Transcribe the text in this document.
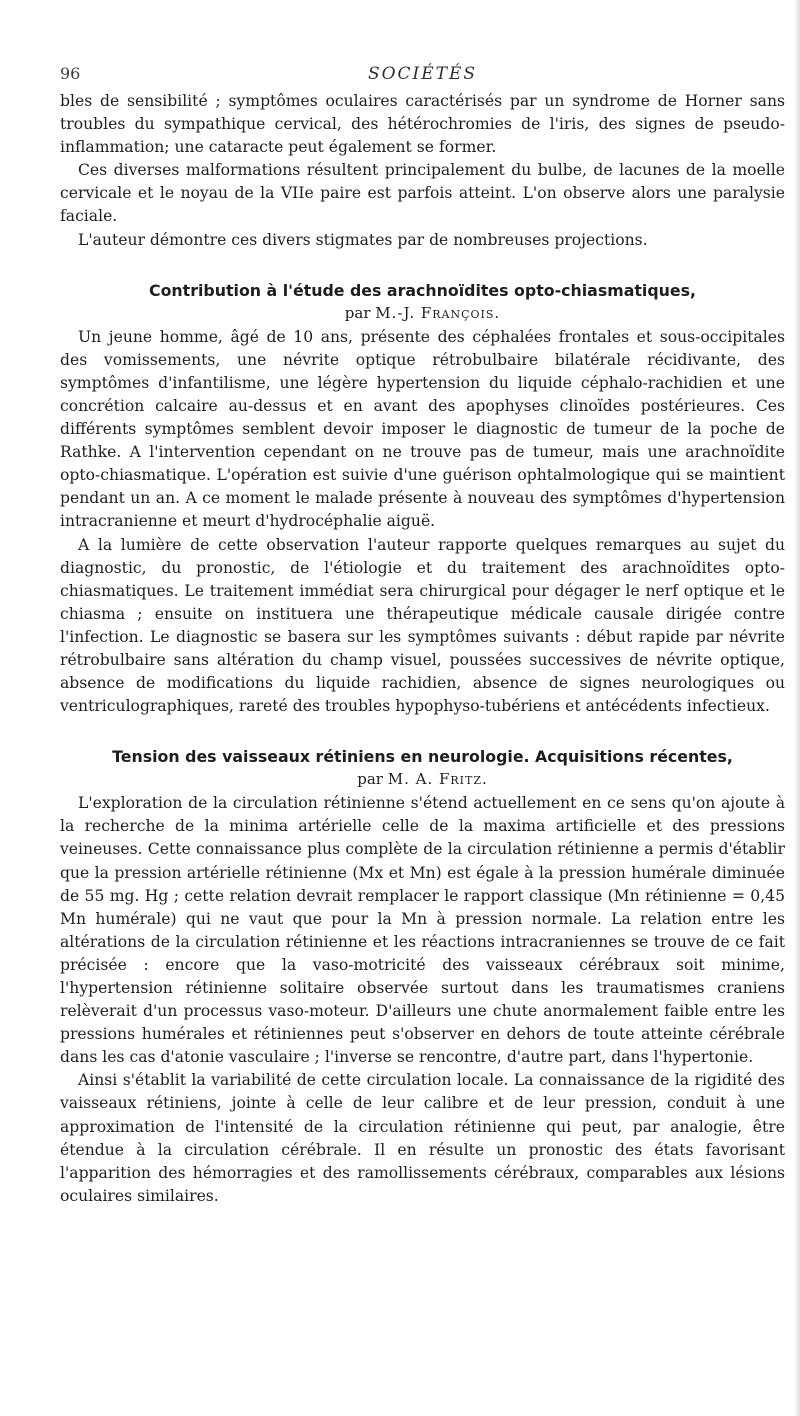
96	SOCIÉTÉS

bles de sensibilité ; symptômes oculaires caractérisés par un syndrome de Horner sans troubles du sympathique cervical, des hétérochromies de l'iris, des signes de pseudo-inflammation; une cataracte peut également se former.

Ces diverses malformations résultent principalement du bulbe, de lacunes de la moelle cervicale et le noyau de la VIIe paire est parfois atteint. L'on observe alors une paralysie faciale.

L'auteur démontre ces divers stigmates par de nombreuses projections.

Contribution à l'étude des arachnoïdites opto-chiasmatiques,
par M.-J. François.

Un jeune homme, âgé de 10 ans, présente des céphalées frontales et sous-occipitales des vomissements, une névrite optique rétrobulbaire bilatérale récidivante, des symptômes d'infantilisme, une légère hypertension du liquide céphalo-rachidien et une concrétion calcaire au-dessus et en avant des apophyses clinoïdes postérieures. Ces différents symptômes semblent devoir imposer le diagnostic de tumeur de la poche de Rathke. A l'intervention cependant on ne trouve pas de tumeur, mais une arachnoïdite opto-chiasmatique. L'opération est suivie d'une guérison ophtalmologique qui se maintient pendant un an. A ce moment le malade présente à nouveau des symptômes d'hypertension intracranienne et meurt d'hydrocéphalie aiguë.

A la lumière de cette observation l'auteur rapporte quelques remarques au sujet du diagnostic, du pronostic, de l'étiologie et du traitement des arachnoïdites opto-chiasmatiques. Le traitement immédiat sera chirurgical pour dégager le nerf optique et le chiasma ; ensuite on instituera une thérapeutique médicale causale dirigée contre l'infection. Le diagnostic se basera sur les symptômes suivants : début rapide par névrite rétrobulbaire sans altération du champ visuel, poussées successives de névrite optique, absence de modifications du liquide rachidien, absence de signes neurologiques ou ventriculographiques, rareté des troubles hypophyso-tubériens et antécédents infectieux.

Tension des vaisseaux rétiniens en neurologie. Acquisitions récentes,
par M. A. Fritz.

L'exploration de la circulation rétinienne s'étend actuellement en ce sens qu'on ajoute à la recherche de la minima artérielle celle de la maxima artificielle et des pressions veineuses. Cette connaissance plus complète de la circulation rétinienne a permis d'établir que la pression artérielle rétinienne (Mx et Mn) est égale à la pression humérale diminuée de 55 mg. Hg ; cette relation devrait remplacer le rapport classique (Mn rétinienne = 0,45 Mn humérale) qui ne vaut que pour la Mn à pression normale. La relation entre les altérations de la circulation rétinienne et les réactions intracraniennes se trouve de ce fait précisée : encore que la vaso-motricité des vaisseaux cérébraux soit minime, l'hypertension rétinienne solitaire observée surtout dans les traumatismes craniens relèverait d'un processus vaso-moteur. D'ailleurs une chute anormalement faible entre les pressions humérales et rétiniennes peut s'observer en dehors de toute atteinte cérébrale dans les cas d'atonie vasculaire ; l'inverse se rencontre, d'autre part, dans l'hypertonie.

Ainsi s'établit la variabilité de cette circulation locale. La connaissance de la rigidité des vaisseaux rétiniens, jointe à celle de leur calibre et de leur pression, conduit à une approximation de l'intensité de la circulation rétinienne qui peut, par analogie, être étendue à la circulation cérébrale. Il en résulte un pronostic des états favorisant l'apparition des hémorragies et des ramollissements cérébraux, comparables aux lésions oculaires similaires.
